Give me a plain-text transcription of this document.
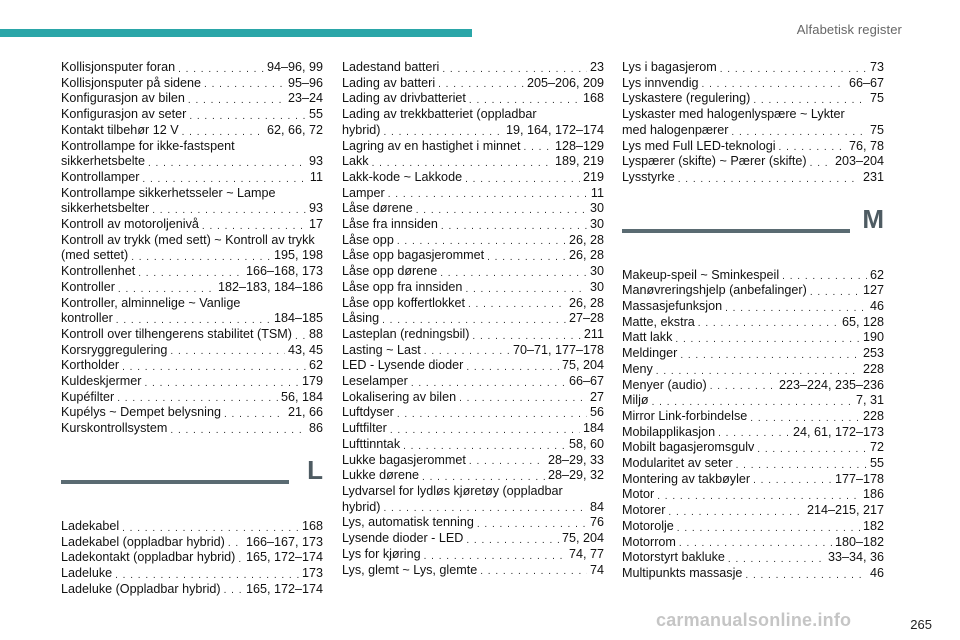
Alfabetisk register
Kollisjonsputer foran . . .	94–96, 99
Kollisjonsputer på sidene . . .	95–96
Konfigurasjon av bilen . . .	23–24
Konfigurasjon av seter . . .	55
Kontakt tilbehør 12 V . . .	62, 66, 72
Kontrollampe for ikke-fastspent
sikkerhetsbelte . . .	93
Kontrollamper . . .	11
Kontrollampe sikkerhetsseler ~ Lampe
sikkerhetsbelter . . .	93
Kontroll av motoroljenivå . . .	17
Kontroll av trykk (med sett) ~ Kontroll av trykk
(med settet) . . .	195, 198
Kontrollenhet . . .	166–168, 173
Kontroller . . .	182–183, 184–186
Kontroller, alminnelige ~ Vanlige
kontroller . . .	184–185
Kontroll over tilhengerens stabilitet (TSM) . . . 88
Korsryggregulering . . .	43, 45
Kortholder . . .	62
Kuldeskjermer . . .	179
Kupéfilter . . .	56, 184
Kupélys ~ Dempet belysning . . .	21, 66
Kurskontrollsystem . . .	86
L
Ladekabel . . .	168
Ladekabel (oppladbar hybrid) . . . 166–167, 173
Ladekontakt (oppladbar hybrid) . . . 165, 172–174
Ladeluke . . .	173
Ladeluke (Oppladbar hybrid) . . . 165, 172–174
Ladestand batteri . . .	23
Lading av batteri . . .	205–206, 209
Lading av drivbatteriet . . .	168
Lading av trekkbatteriet (oppladbar
hybrid) . . .	19, 164, 172–174
Lagring av en hastighet i minnet . . .	128–129
Lakk . . .	189, 219
Lakk-kode ~ Lakkode . . .	219
Lamper . . .	11
Låse dørene . . .	30
Låse fra innsiden . . .	30
Låse opp . . .	26, 28
Låse opp bagasjerommet . . .	26, 28
Låse opp dørene . . .	30
Låse opp fra innsiden . . .	30
Låse opp koffertlokket . . .	26, 28
Låsing . . .	27–28
Lasteplan (redningsbil) . . .	211
Lasting ~ Last . . .	70–71, 177–178
LED - Lysende dioder . . .	75, 204
Leselamper . . .	66–67
Lokalisering av bilen . . .	27
Luftdyser . . .	56
Luftfilter . . .	184
Lufttinntak . . .	58, 60
Lukke bagasjerommet . . .	28–29, 33
Lukke dørene . . .	28–29, 32
Lydvarsel for lydløs kjøretøy (oppladbar
hybrid) . . .	84
Lys, automatisk tenning . . .	76
Lysende dioder - LED . . .	75, 204
Lys for kjøring . . .	74, 77
Lys, glemt ~ Lys, glemte . . .	74
Lys i bagasjerom . . .	73
Lys innvendig . . .	66–67
Lyskastere (regulering) . . .	75
Lyskaster med halogenlyspære ~ Lykter
med halogenpærer . . .	75
Lys med Full LED-teknologi . . .	76, 78
Lyspærer (skifte) ~ Pærer (skifte) . . . 203–204
Lysstyrke . . .	231
M
Makeup-speil ~ Sminkespeil . . .	62
Manøvreringshjelp (anbefalinger) . . .	127
Massasjefunksjon . . .	46
Matte, ekstra . . .	65, 128
Matt lakk . . .	190
Meldinger . . .	253
Meny . . .	228
Menyer (audio) . . .	223–224, 235–236
Miljø . . .	7, 31
Mirror Link-forbindelse . . .	228
Mobilapplikasjon . . .	24, 61, 172–173
Mobilt bagasjeromsgulv . . .	72
Modularitet av seter . . .	55
Montering av takbøyler . . .	177–178
Motor . . .	186
Motorer . . .	214–215, 217
Motorolje . . .	182
Motorrom . . .	180–182
Motorstyrt bakluke . . .	33–34, 36
Multipunkts massasje . . .	46
carmanualsonline.info	265
